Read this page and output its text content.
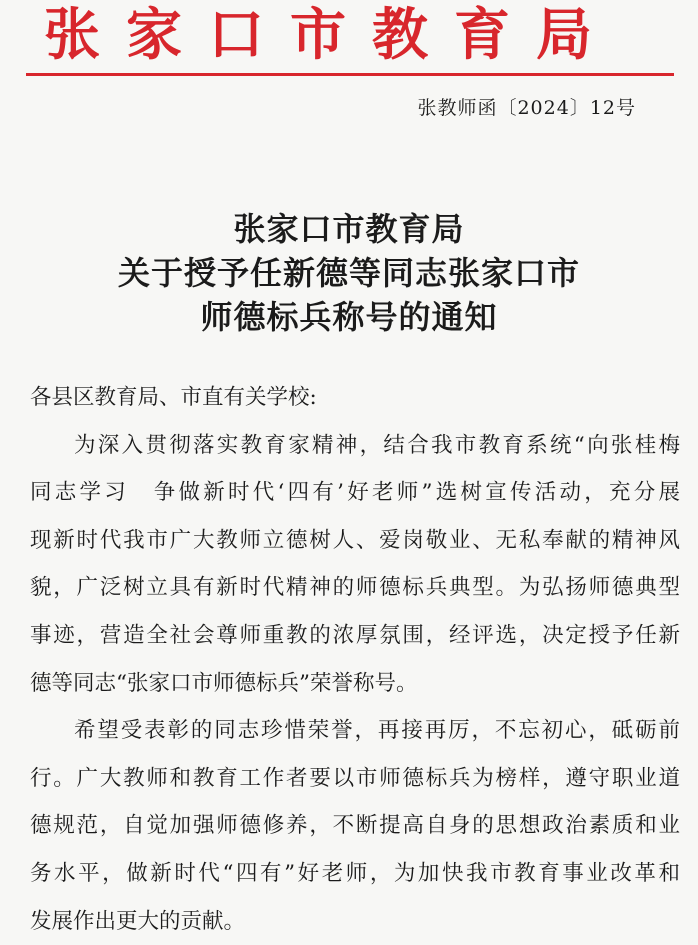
张家口市教育局
张教师函〔2024〕12号
张家口市教育局
关于授予任新德等同志张家口市
师德标兵称号的通知
各县区教育局、市直有关学校:
为深入贯彻落实教育家精神，结合我市教育系统“向张桂梅
同志学习　争做新时代‘四有’好老师”选树宣传活动，充分展
现新时代我市广大教师立德树人、爱岗敬业、无私奉献的精神风
貌，广泛树立具有新时代精神的师德标兵典型。为弘扬师德典型
事迹，营造全社会尊师重教的浓厚氛围，经评选，决定授予任新
德等同志“张家口市师德标兵”荣誉称号。
希望受表彰的同志珍惜荣誉，再接再厉，不忘初心，砥砺前
行。广大教师和教育工作者要以市师德标兵为榜样，遵守职业道
德规范，自觉加强师德修养，不断提高自身的思想政治素质和业
务水平，做新时代“四有”好老师，为加快我市教育事业改革和
发展作出更大的贡献。
